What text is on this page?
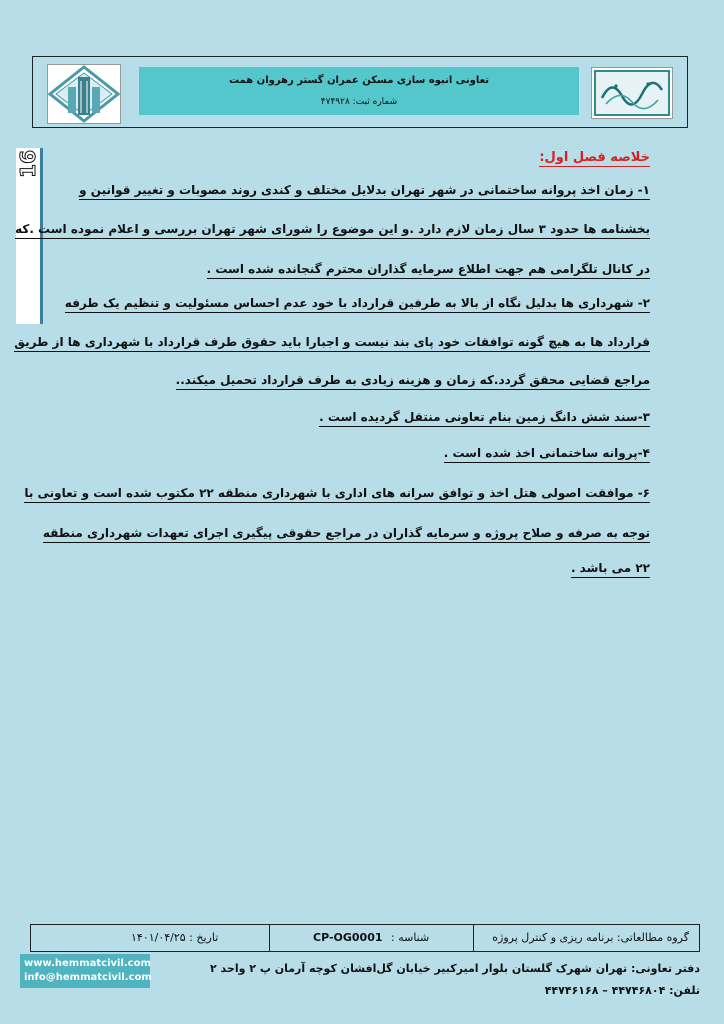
تعاونی انبوه سازی مسکن عمران گستر رهروان همت
شماره ثبت: ۴۷۴۹۲۸
16	خلاصه فصل اول:
۱- زمان اخذ پروانه ساختمانی در شهر تهران بدلایل مختلف و کندی روند مصوبات و تغییر قوانین و
بخشنامه ها حدود ۳ سال زمان لازم دارد .و این موضوع را شورای شهر تهران بررسی و اعلام نموده است .که
در کانال تلگرامی هم جهت اطلاع سرمایه گذاران محترم گنجانده شده است .
۲- شهرداری ها بدلیل نگاه از بالا به طرفین قرارداد با خود عدم احساس مسئولیت و تنظیم یک طرفه
قرارداد ها به هیچ گونه توافقات خود پای بند نیست و اجبارا باید حقوق طرف قرارداد با شهرداری ها از طریق
مراجع قضایی محقق گردد.که زمان و هزینه زیادی به طرف قرارداد تحمیل میکند..
۳-سند شش دانگ زمین بنام تعاونی منتقل گردیده است .
۴-پروانه ساختمانی اخذ شده است .
۶- موافقت اصولی هتل اخذ و توافق سرانه های اداری با شهرداری منطقه ۲۲ مکتوب شده است و تعاونی با
توجه به صرفه و صلاح پروژه و سرمایه گذاران در مراجع حقوقی پیگیری اجرای تعهدات شهرداری منطقه
۲۲ می باشد .
گروه مطالعاتی: برنامه ریزی و کنترل پروژه
شناسه :
CP-OG0001
تاریخ : ۱۴۰۱/۰۴/۲۵
www.hemmatcivil.com
info@hemmatcivil.com
دفتر تعاونی: تهران شهرک گلستان بلوار امیرکبیر خیابان گل‌افشان کوچه آرمان پ ۲ واحد ۲
تلفن: ۴۴۷۴۶۸۰۴ – ۴۴۷۴۶۱۶۸
